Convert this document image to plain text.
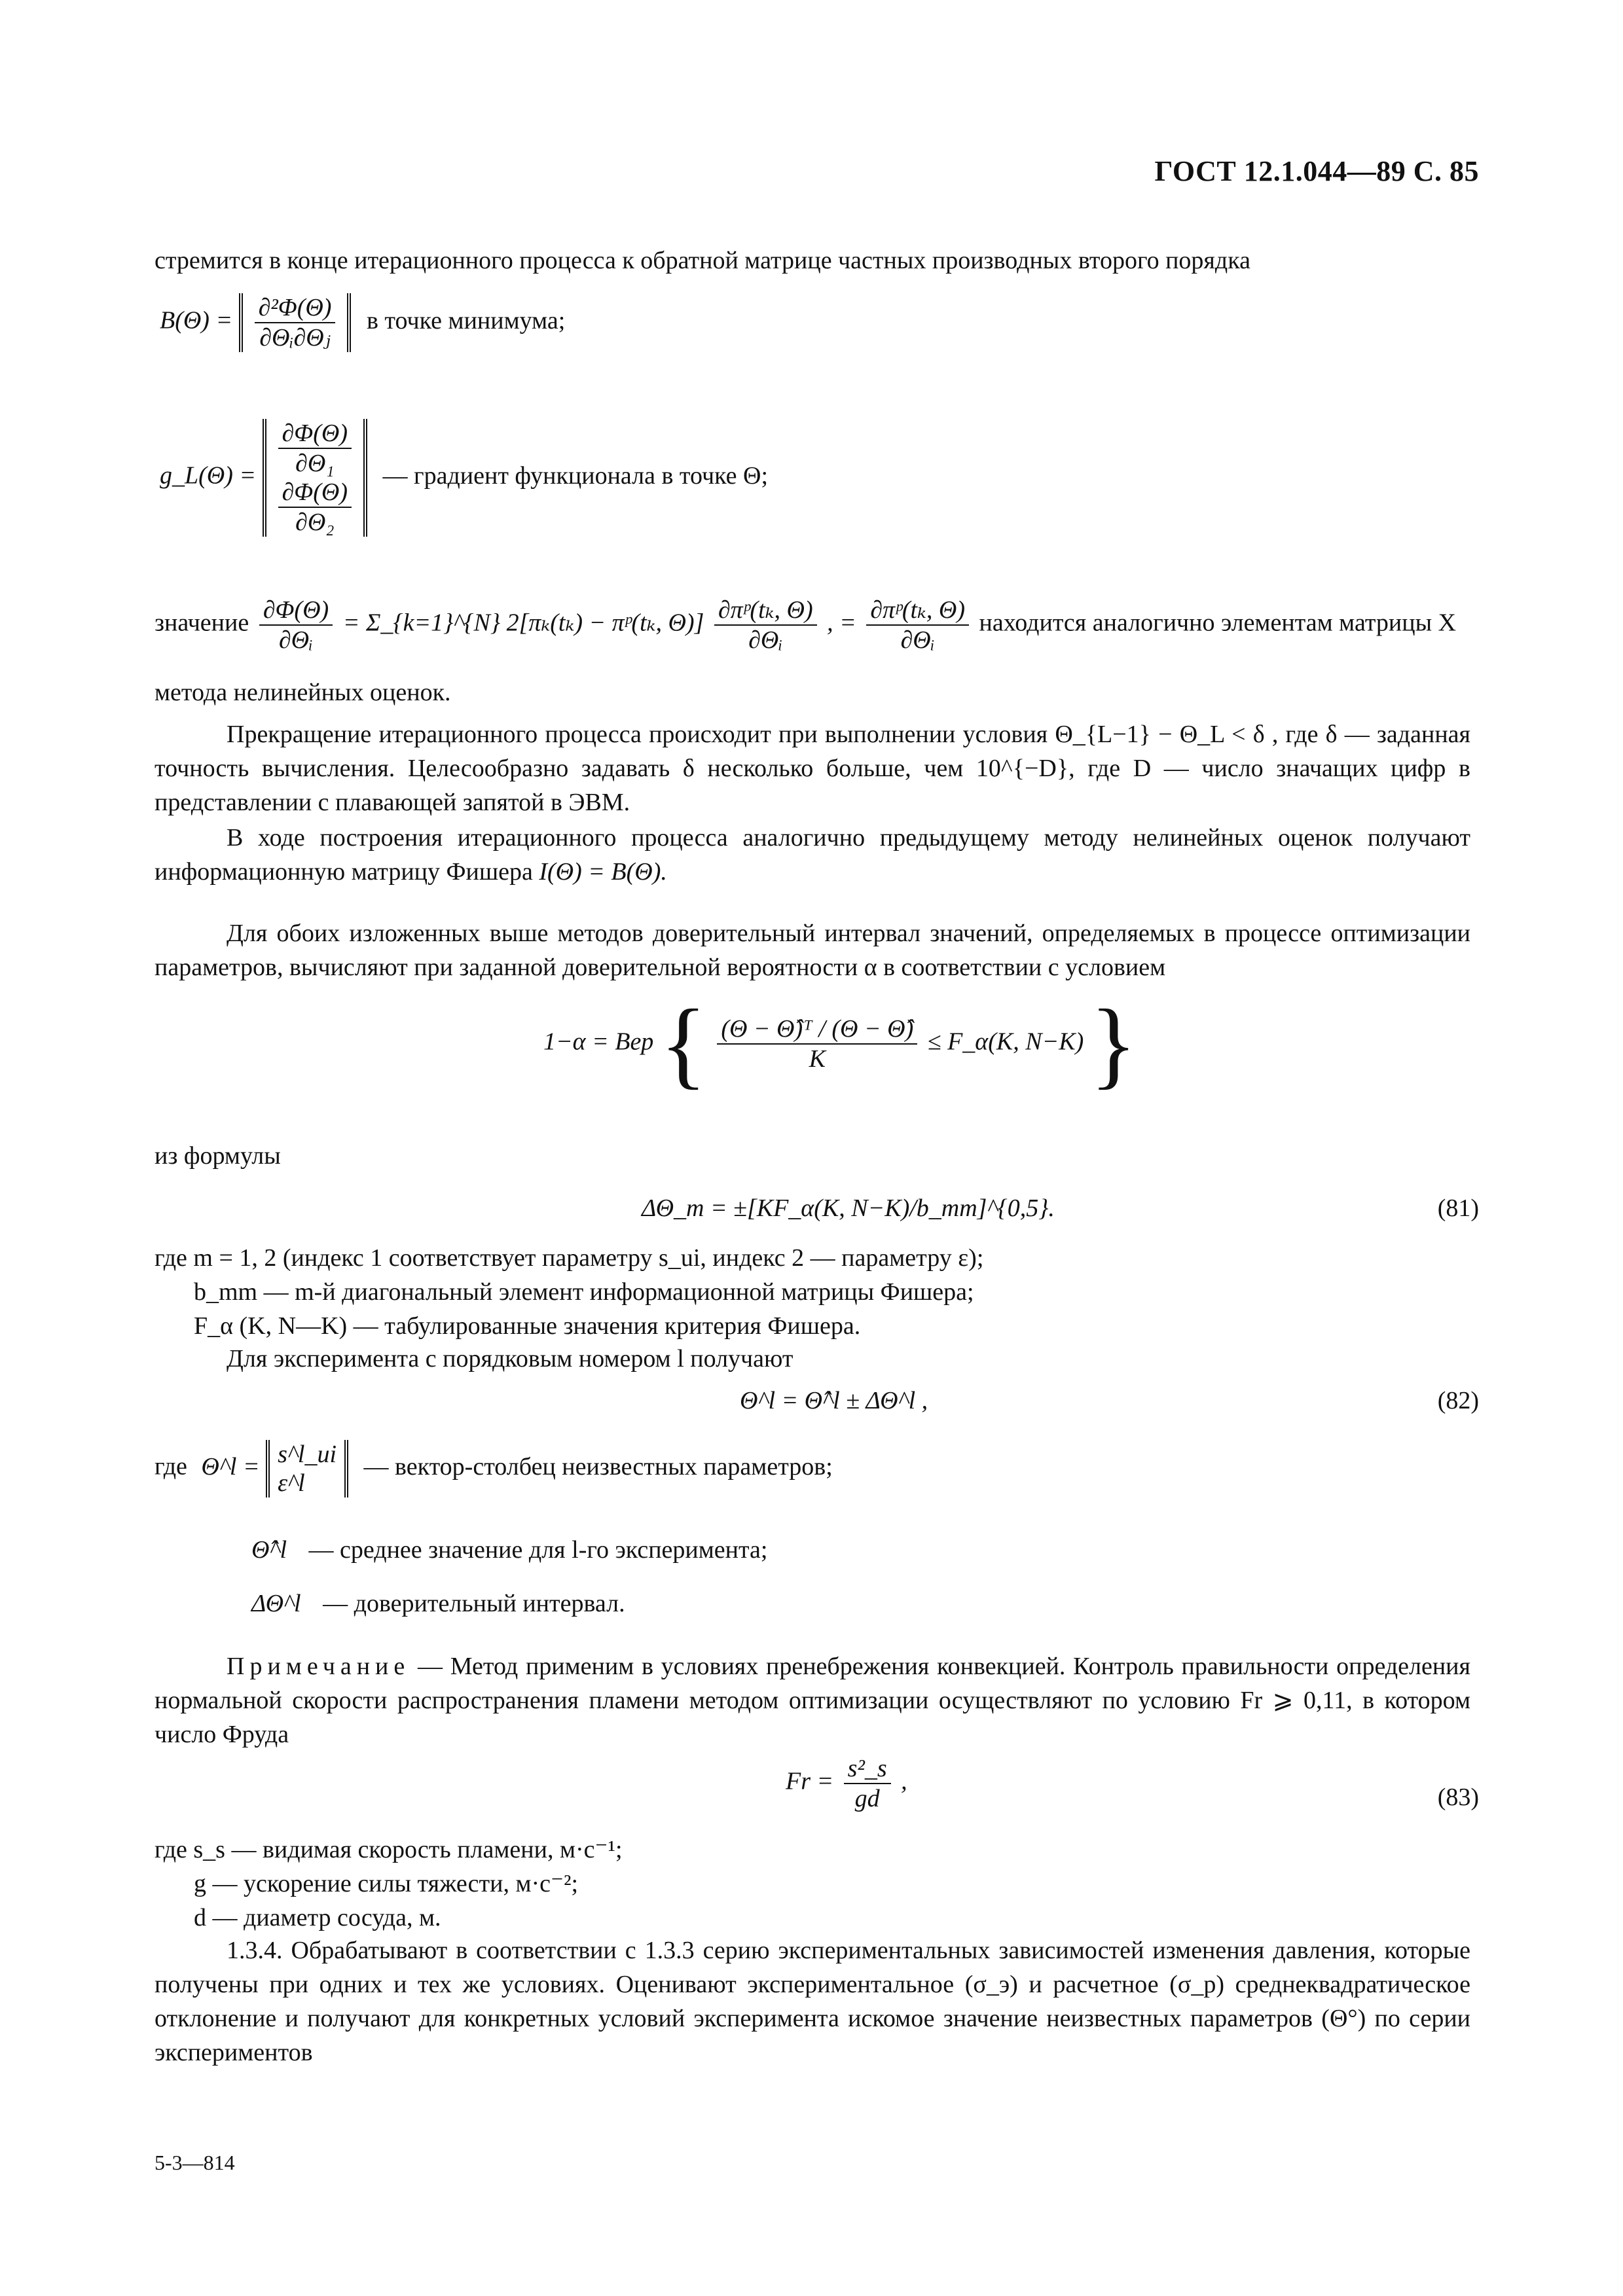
ГОСТ 12.1.044—89 С. 85
стремится в конце итерационного процесса к обратной матрице частных производных второго порядка
$B(\Theta) = \frac{\text{∂²Φ(Θ)}}{\text{∂Θᵢ∂Θⱼ}}$ в точке минимума;
g_L(Θ) = $\frac{\partial\Phi(\Theta)}{\text{∂Θ₁}}$
$\frac{\partial\Phi(\Theta)}{\text{∂Θ₂}}$
— градиент функционала в точке Θ;
значение $\frac{\partial\Phi(\Theta)}{\text{∂Θᵢ}}$ = Σ_{k=1}^{N} 2[πₖ(tₖ) − πᵖ(tₖ, $\Theta)] \frac{\text{∂πᵖ(tₖ, Θ)}}{\text{∂Θᵢ}}$ , = $\frac{\text{∂πᵖ(tₖ, Θ)}}{\text{∂Θᵢ}}$ находится аналогично элементам матрицы X
метода нелинейных оценок.
Прекращение итерационного процесса происходит при выполнении условия Θ_{L−1} − Θ_L < δ , где δ — заданная точность вычисления. Целесообразно задавать δ несколько больше, чем 10^{−D}, где D — число значащих цифр в представлении с плавающей запятой в ЭВМ.
В ходе построения итерационного процесса аналогично предыдущему методу нелинейных оценок получают информационную матрицу Фишера I(Θ) = B(Θ).
Для обоих изложенных выше методов доверительный интервал значений, определяемых в процессе оптимизации параметров, вычисляют при заданной доверительной вероятности α в соответствии с условием
1−α = Вер { $\frac{\text{(Θ − Θ̂)ᵀ / (Θ − Θ̂)}}{K}$ ≤ F_α(K, N−K) }
из формулы
ΔΘ_m = ±[KF_α(K, N−K)/b_mm]^{0,5}.	(81)
где m = 1, 2 (индекс 1 соответствует параметру s_ui, индекс 2 — параметру ε);
b_mm — m-й диагональный элемент информационной матрицы Фишера;
F_α (K, N—K) — табулированные значения критерия Фишера.
Для эксперимента с порядковым номером l получают
Θ^l = Θ̂^l ± ΔΘ^l ,	(82)
где Θ^l = s^l_ui
ε^l
— вектор-столбец неизвестных параметров;
Θ̂^l — среднее значение для l-го эксперимента;
ΔΘ^l — доверительный интервал.
Примечание — Метод применим в условиях пренебрежения конвекцией. Контроль правильности определения нормальной скорости распространения пламени методом оптимизации осуществляют по условию Fr ⩾ 0,11, в котором число Фруда
$Fr = \frac{\text{s²\_s}}{gd}$ ,
(83)
где s_s — видимая скорость пламени, м·с⁻¹;
g — ускорение силы тяжести, м·с⁻²;
d — диаметр сосуда, м.
1.3.4. Обрабатывают в соответствии с 1.3.3 серию экспериментальных зависимостей изменения давления, которые получены при одних и тех же условиях. Оценивают экспериментальное (σ_э) и расчетное (σ_р) среднеквадратическое отклонение и получают для конкретных условий эксперимента искомое значение неизвестных параметров (Θ°) по серии экспериментов
5-3—814
